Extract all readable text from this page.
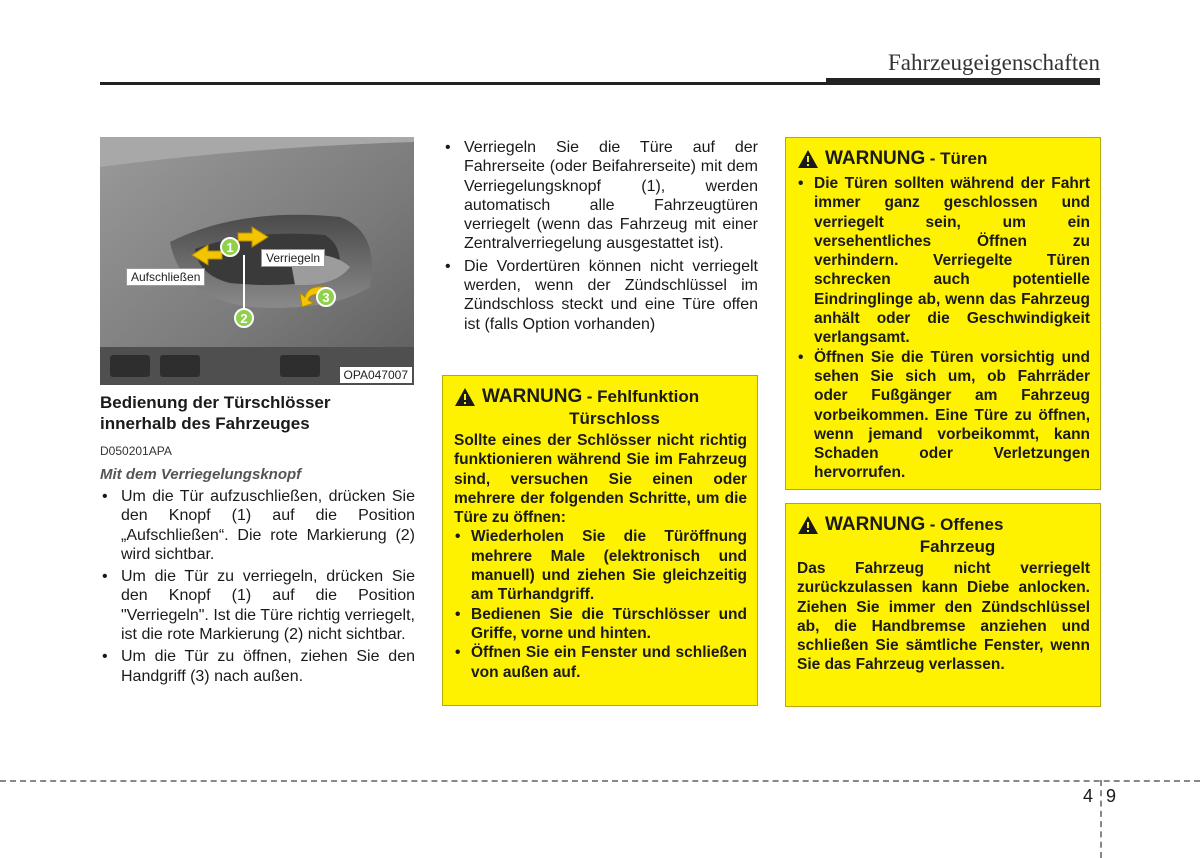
Fahrzeugeigenschaften
1
2
3
Aufschließen
Verriegeln
OPA047007

Bedienung der Türschlösser
innerhalb des Fahrzeuges

D050201APA
Mit dem Verriegelungsknopf
• Um die Tür aufzuschließen, drücken Sie den Knopf (1) auf die Position „Aufschließen“. Die rote Markierung (2) wird sichtbar.
• Um die Tür zu verriegeln, drücken Sie den Knopf (1) auf die Position "Verriegeln". Ist die Türe richtig verriegelt, ist die rote Markierung (2) nicht sichtbar.
• Um die Tür zu öffnen, ziehen Sie den Handgriff (3) nach außen.
• Verriegeln Sie die Türe auf der Fahrerseite (oder Beifahrerseite) mit dem Verriegelungsknopf (1), werden automatisch alle Fahrzeugtüren verriegelt (wenn das Fahrzeug mit einer Zentralverriegelung ausgestattet ist).
• Die Vordertüren können nicht verriegelt werden, wenn der Zündschlüssel im Zündschloss steckt und eine Türe offen ist (falls Option vorhanden)
WARNUNG - Fehlfunktion
Türschloss
Sollte eines der Schlösser nicht richtig funktionieren während Sie im Fahrzeug sind, versuchen Sie einen oder mehrere der folgenden Schritte, um die Türe zu öffnen:
• Wiederholen Sie die Türöffnung mehrere Male (elektronisch und manuell) und ziehen Sie gleichzeitig am Türhandgriff.
• Bedienen Sie die Türschlösser und Griffe, vorne und hinten.
• Öffnen Sie ein Fenster und schließen von außen auf.
WARNUNG - Türen
• Die Türen sollten während der Fahrt immer ganz geschlossen und verriegelt sein, um ein versehentliches Öffnen zu verhindern. Verriegelte Türen schrecken auch potentielle Eindringlinge ab, wenn das Fahrzeug anhält oder die Geschwindigkeit verlangsamt.
• Öffnen Sie die Türen vorsichtig und sehen Sie sich um, ob Fahrräder oder Fußgänger am Fahrzeug vorbeikommen. Eine Türe zu öffnen, wenn jemand vorbeikommt, kann Schaden oder Verletzungen hervorrufen.
WARNUNG - Offenes
Fahrzeug
Das Fahrzeug nicht verriegelt zurückzulassen kann Diebe anlocken. Ziehen Sie immer den Zündschlüssel ab, die Handbremse anziehen und schließen Sie sämtliche Fenster, wenn Sie das Fahrzeug verlassen.
4 9
